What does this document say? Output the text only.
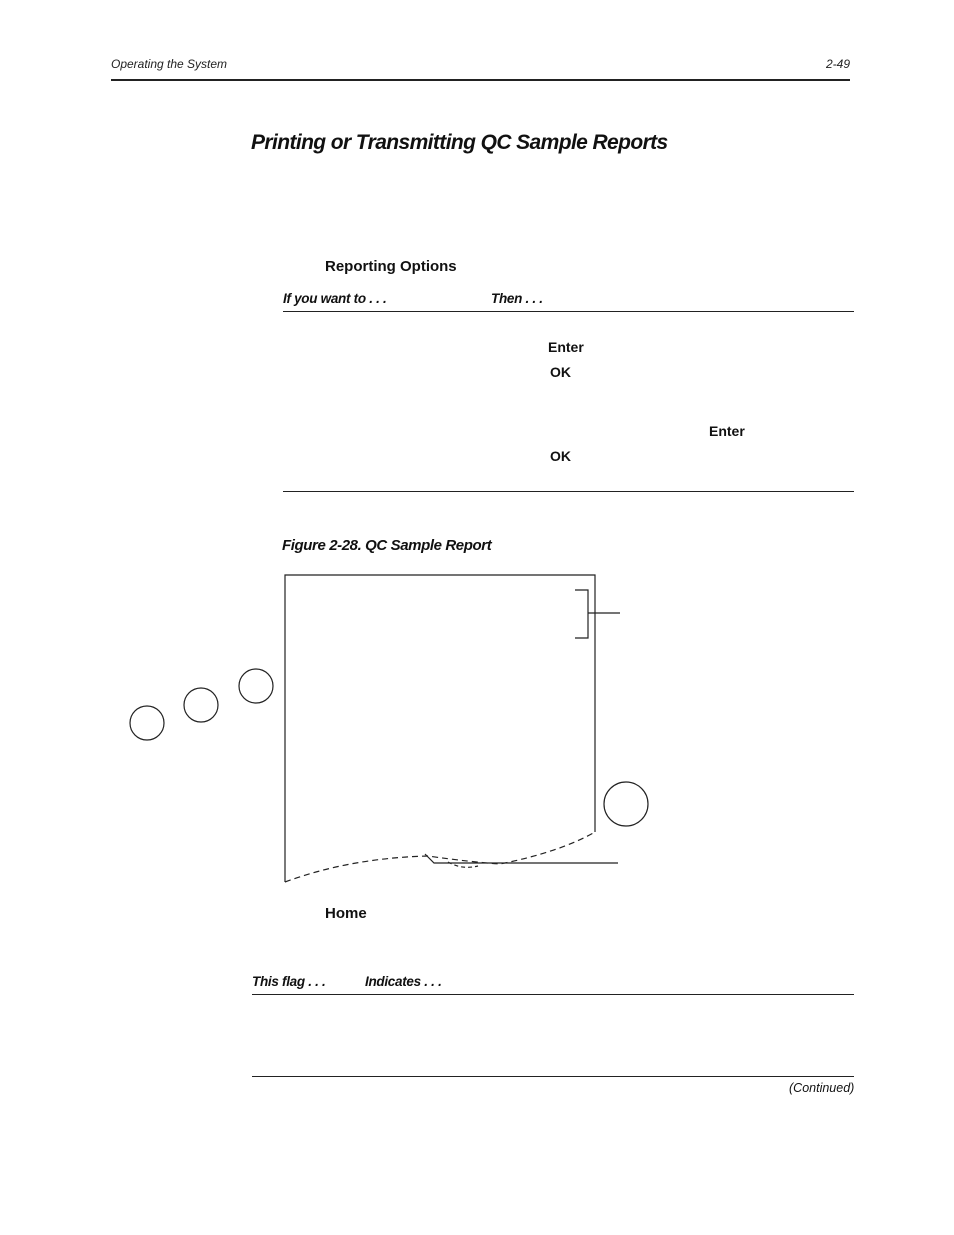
Operating the System	2-49
Printing or Transmitting QC Sample Reports
Reporting Options
If you want to . . .	Then . . .
Enter
OK
Enter
OK
Figure 2-28. QC Sample Report
Home
This flag . . .	Indicates . . .
(Continued)
